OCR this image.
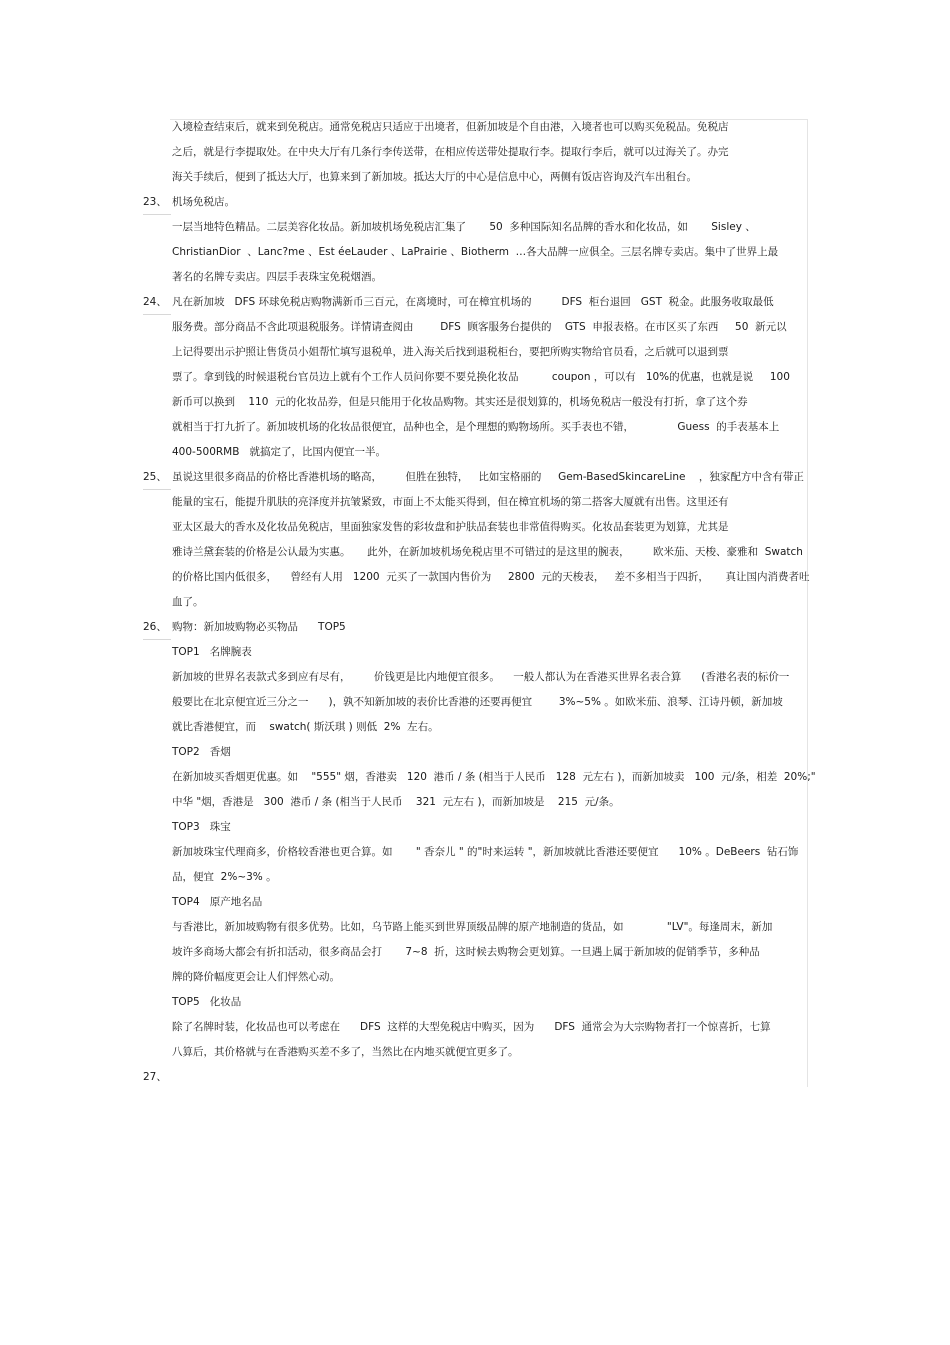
入境检查结束后，就来到免税店。通常免税店只适应于出境者，但新加坡是个自由港，入境者也可以购买免税品。免税店
之后，就是行李提取处。在中央大厅有几条行李传送带，在相应传送带处提取行李。提取行李后，就可以过海关了。办完
海关手续后，便到了抵达大厅，也算来到了新加坡。抵达大厅的中心是信息中心，两侧有饭店咨询及汽车出租台。
23、 机场免税店。
一层当地特色精品。二层美容化妆品。新加坡机场免税店汇集了       50  多种国际知名品牌的香水和化妆品，如       Sisley 、
ChristianDior  、Lanc?me 、Est éeLauder 、LaPrairie 、Biotherm  …各大品牌一应俱全。三层名牌专卖店。集中了世界上最
著名的名牌专卖店。四层手表珠宝免税烟酒。
24、 凡在新加坡   DFS 环球免税店购物满新币三百元，在离境时，可在樟宜机场的         DFS  柜台退回   GST  税金。此服务收取最低
服务费。部分商品不含此项退税服务。详情请查阅由        DFS  顾客服务台提供的    GTS  申报表格。在市区买了东西     50  新元以
上记得要出示护照让售货员小姐帮忙填写退税单，进入海关后找到退税柜台，要把所购实物给官员看，之后就可以退到票
票了。拿到钱的时候退税台官员边上就有个工作人员问你要不要兑换化妆品          coupon ，可以有   10%的优惠，也就是说     100
新币可以换到    110  元的化妆品券，但是只能用于化妆品购物。其实还是很划算的，机场免税店一般没有打折，拿了这个券
就相当于打九折了。新加坡机场的化妆品很便宜，品种也全，是个理想的购物场所。买手表也不错，             Guess  的手表基本上
400-500RMB   就搞定了，比国内便宜一半。
25、 虽说这里很多商品的价格比香港机场的略高，       但胜在独特，   比如宝格丽的     Gem-BasedSkincareLine    ，独家配方中含有带正
能量的宝石，能提升肌肤的亮泽度并抗皱紧致，市面上不太能买得到，但在樟宜机场的第二搭客大厦就有出售。这里还有
亚太区最大的香水及化妆品免税店，里面独家发售的彩妆盘和护肤品套装也非常值得购买。化妆品套装更为划算，尤其是
雅诗兰黛套装的价格是公认最为实惠。     此外，在新加坡机场免税店里不可错过的是这里的腕表，       欧米茄、天梭、豪雅和  Swatch
的价格比国内低很多，    曾经有人用   1200  元买了一款国内售价为     2800  元的天梭表，   差不多相当于四折，     真让国内消费者吐
血了。
26、 购物：新加坡购物必买物品      TOP5
TOP1   名牌腕表
新加坡的世界名表款式多到应有尽有，       价钱更是比内地便宜很多。    一般人都认为在香港买世界名表合算      (香港名表的标价一
般要比在北京便宜近三分之一      )，孰不知新加坡的表价比香港的还要再便宜        3%~5% 。如欧米茄、浪琴、江诗丹顿，新加坡
就比香港便宜，而    swatch( 斯沃琪 ) 则低  2%  左右。
TOP2   香烟
在新加坡买香烟更优惠。如    "555" 烟，香港卖   120  港币 / 条 (相当于人民币   128  元左右 )，而新加坡卖   100  元/条，相差  20%;"
中华 "烟，香港是   300  港币 / 条 (相当于人民币    321  元左右 )，而新加坡是    215  元/条。
TOP3   珠宝
新加坡珠宝代理商多，价格较香港也更合算。如       " 香奈儿 " 的"时来运转 "，新加坡就比香港还要便宜      10% 。DeBeers  钻石饰
品，便宜  2%~3% 。
TOP4   原产地名品
与香港比，新加坡购物有很多优势。比如，乌节路上能买到世界顶级品牌的原产地制造的货品，如             "LV"。每逢周末，新加
坡许多商场大都会有折扣活动，很多商品会打       7~8  折，这时候去购物会更划算。一旦遇上属于新加坡的促销季节，多种品
牌的降价幅度更会让人们怦然心动。
TOP5   化妆品
除了名牌时装，化妆品也可以考虑在      DFS  这样的大型免税店中购买，因为      DFS  通常会为大宗购物者打一个惊喜折，七算
八算后，其价格就与在香港购买差不多了，当然比在内地买就便宜更多了。
27、
